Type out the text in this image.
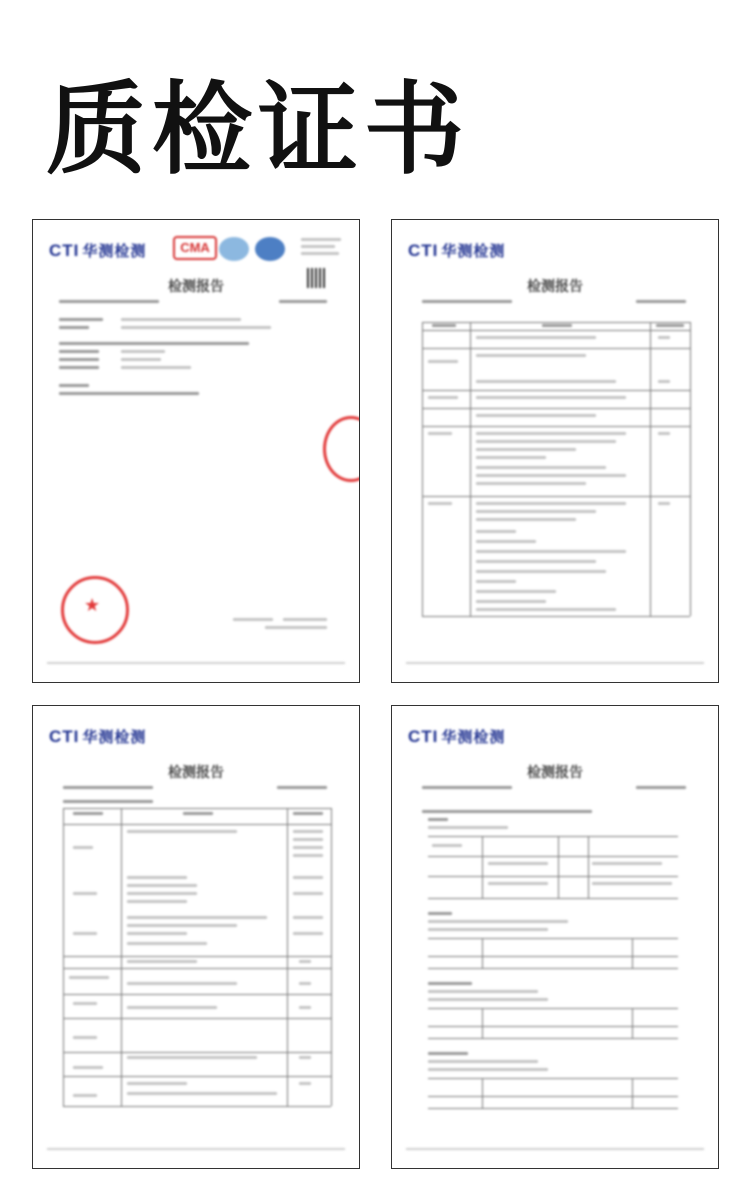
质检证书
CTI 华测检测	CMA
检测报告
★
CTI 华测检测
检测报告
CTI 华测检测
检测报告
CTI 华测检测
检测报告
